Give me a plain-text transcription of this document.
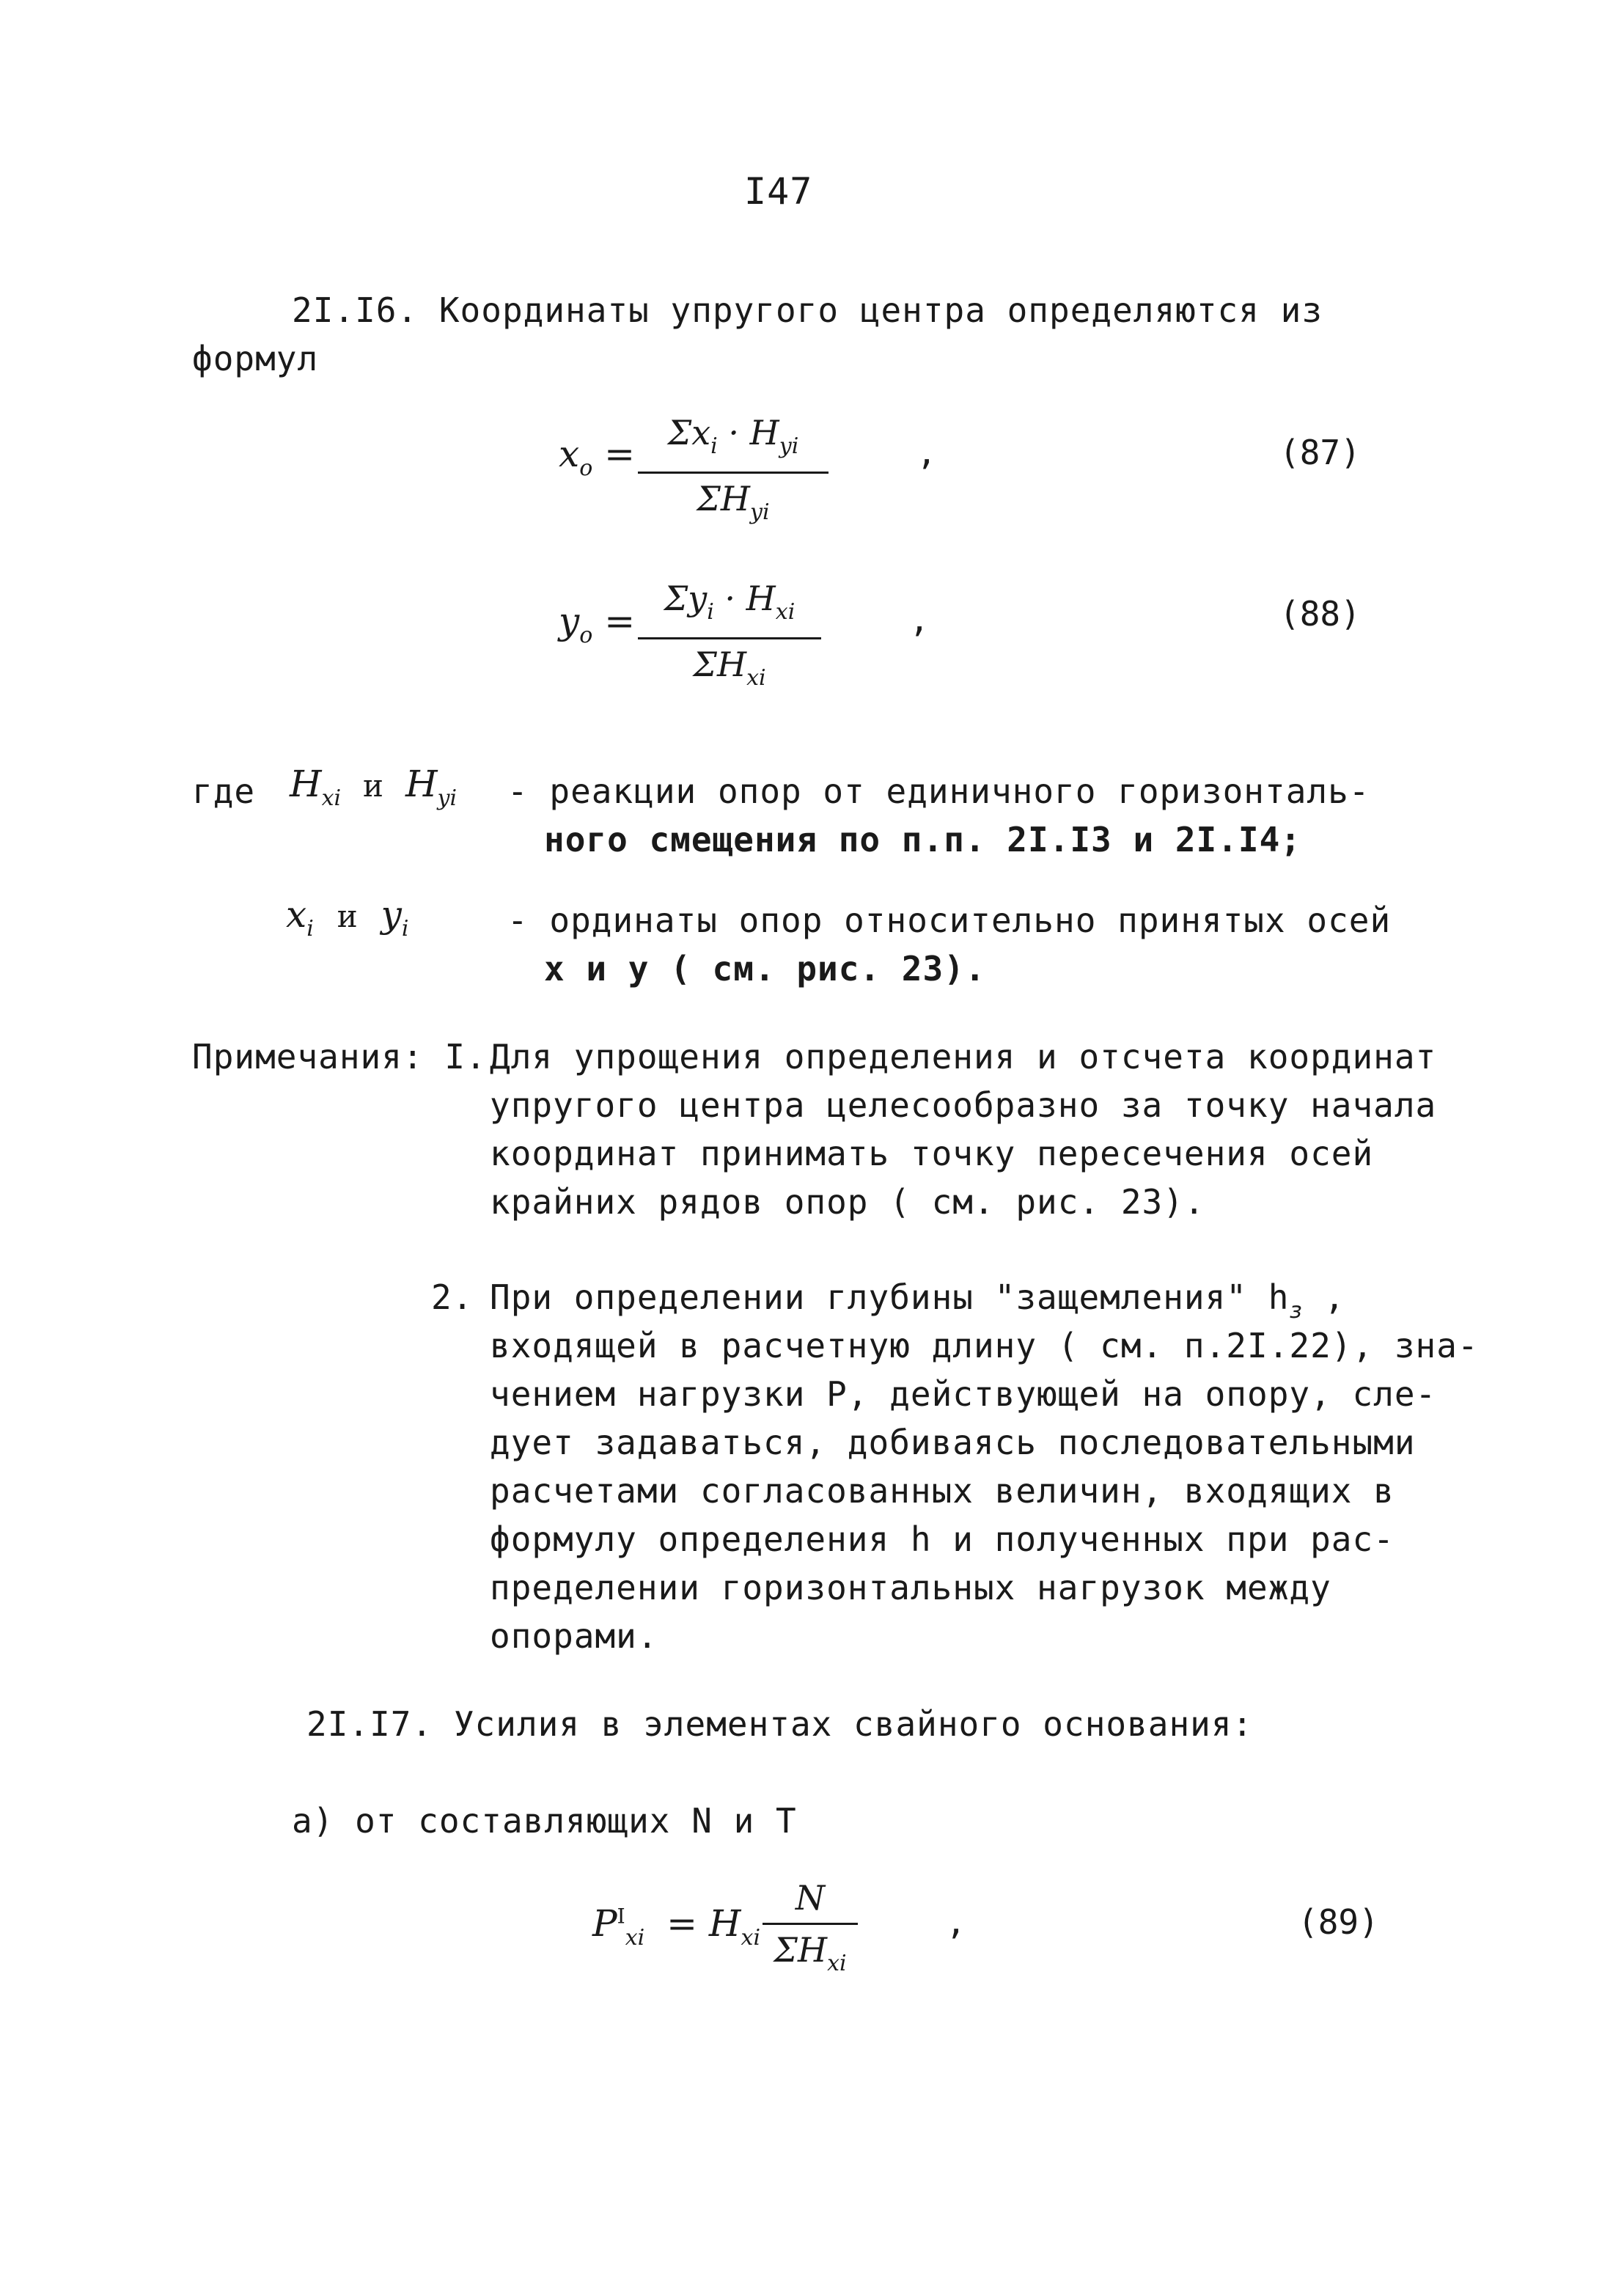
I47
2I.I6. Координаты упругого центра определяются из
формул
$x_o = \Sigma x_i \cdot H_{yi}$
$\Sigma H_{yi}$
,	(87)
$y_o$ =
$\Sigma y_i \cdot H_{xi}$
$\Sigma H_{xi}$
,	(88)
где $H_{xi}$ и $H_{yi}$ - реакции опор от единичного горизонталь-
ного смещения по п.п. 2I.I3 и 2I.I4;
$x_i$ и $y_i$	- ординаты опор относительно принятых осей
x и y ( см. рис. 23).
Примечания: I. Для упрощения определения и отсчета координат
упругого центра целесообразно за точку начала
координат принимать точку пересечения осей
крайних рядов опор ( см. рис. 23).
2. При определении глубины "защемления" $h_з$ ,
входящей в расчетную длину ( см. п.2I.22), зна-
чением нагрузки P, действующей на опору, сле-
дует задаваться, добиваясь последовательными
расчетами согласованных величин, входящих в
формулу определения h и полученных при рас-
пределении горизонтальных нагрузок между
опорами.
2I.I7. Усилия в элементах свайного основания:
а) от составляющих N и T
$P^I_{xi} = H_{xi}$
N
$\Sigma H_{xi}$
,	(89)
